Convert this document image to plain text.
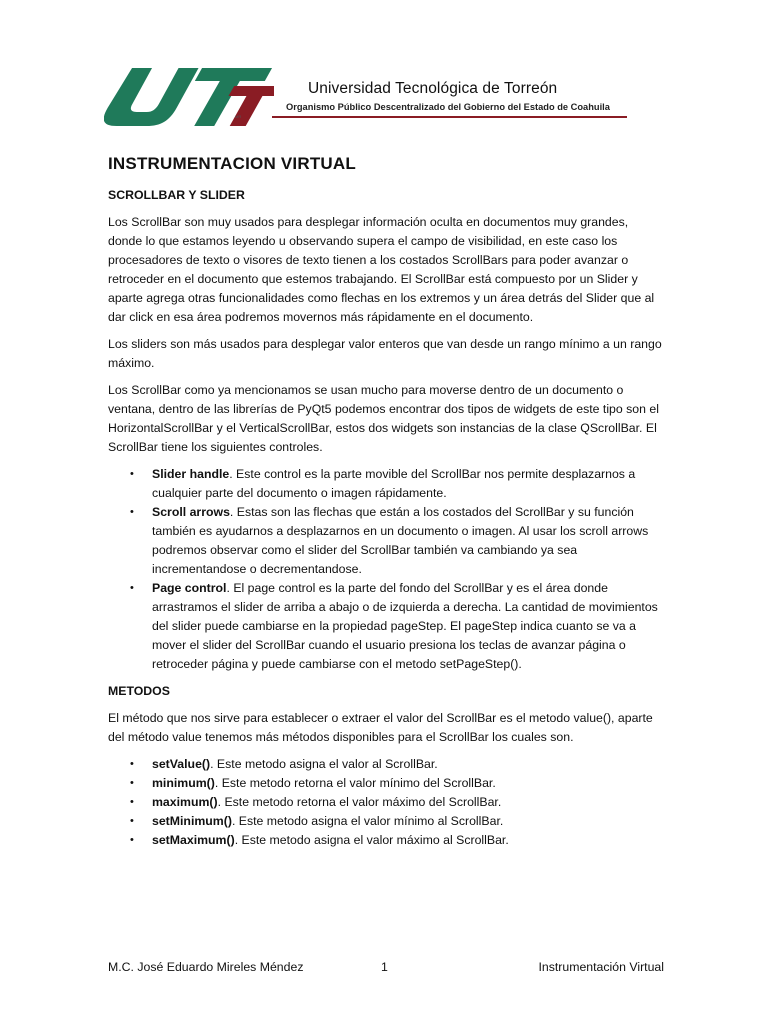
MR
Universidad Tecnológica de Torreón
Organismo Público Descentralizado del Gobierno del Estado de Coahuila
INSTRUMENTACION VIRTUAL
SCROLLBAR Y SLIDER

Los ScrollBar son muy usados para desplegar información oculta en documentos muy grandes, donde lo que estamos leyendo u observando supera el campo de visibilidad, en este caso los procesadores de texto o visores de texto tienen a los costados ScrollBars para poder avanzar o retroceder en el documento que estemos trabajando. El ScrollBar está compuesto por un Slider y aparte agrega otras funcionalidades como flechas en los extremos y un área detrás del Slider que al dar click en esa área podremos movernos más rápidamente en el documento.

Los sliders son más usados para desplegar valor enteros que van desde un rango mínimo a un rango máximo.

Los ScrollBar como ya mencionamos se usan mucho para moverse dentro de un documento o ventana, dentro de las librerías de PyQt5 podemos encontrar dos tipos de widgets de este tipo son el HorizontalScrollBar y el VerticalScrollBar, estos dos widgets son instancias de la clase QScrollBar. El ScrollBar tiene los siguientes controles.

• Slider handle. Este control es la parte movible del ScrollBar nos permite desplazarnos a cualquier parte del documento o imagen rápidamente.
• Scroll arrows. Estas son las flechas que están a los costados del ScrollBar y su función también es ayudarnos a desplazarnos en un documento o imagen. Al usar los scroll arrows podremos observar como el slider del ScrollBar también va cambiando ya sea incrementandose o decrementandose.
• Page control. El page control es la parte del fondo del ScrollBar y es el área donde arrastramos el slider de arriba a abajo o de izquierda a derecha. La cantidad de movimientos del slider puede cambiarse en la propiedad pageStep. El pageStep indica cuanto se va a mover el slider del ScrollBar cuando el usuario presiona los teclas de avanzar página o retroceder página y puede cambiarse con el metodo setPageStep().
METODOS

El método que nos sirve para establecer o extraer el valor del ScrollBar es el metodo value(), aparte del método value tenemos más métodos disponibles para el ScrollBar los cuales son.

• setValue(). Este metodo asigna el valor al ScrollBar.
• minimum(). Este metodo retorna el valor mínimo del ScrollBar.
• maximum(). Este metodo retorna el valor máximo del ScrollBar.
• setMinimum(). Este metodo asigna el valor mínimo al ScrollBar.
• setMaximum(). Este metodo asigna el valor máximo al ScrollBar.
M.C. José Eduardo Mireles Méndez	1	Instrumentación Virtual
